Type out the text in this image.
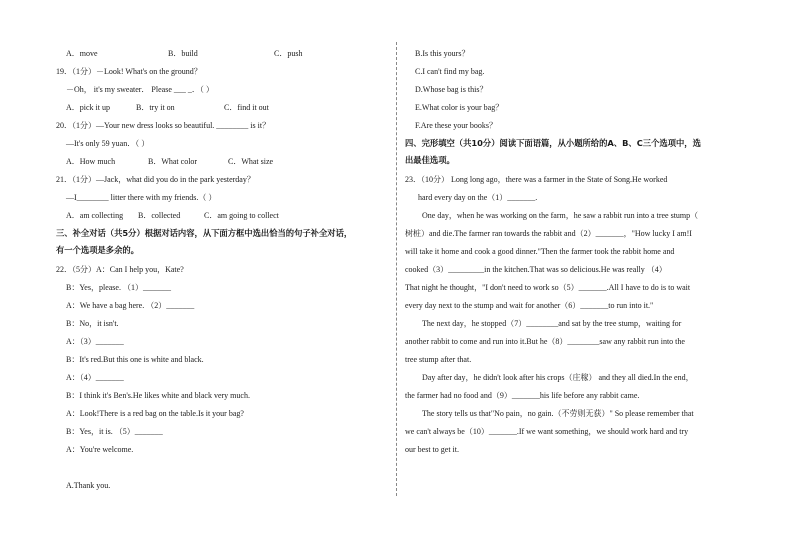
A．move	B．build	C．push
19．（1分）－Look! What's on the ground？
－Oh， it's my sweater． Please ___ _．（ ）
A．pick it up	B．try it on	C．find it out
20．（1分）—Your new dress looks so beautiful. ________ is it？
—It's only 59 yuan．（ ）
A．How much	B．What color	C．What size
21．（1分）—Jack，what did you do in the park yesterday？
—I________ litter there with my friends.（ ）
A．am collecting B．collected	C．am going to collect
三、补全对话（共5分）根据对话内容，从下面方框中选出恰当的句子补全对话，
有一个选项是多余的。
22．（5分）A：Can I help you，Kate?
B：Yes，please. （1）_______
A：We have a bag here. （2）_______
B：No，it isn't.
A：（3）_______
B：It's red.But this one is white and black.
A：（4）_______
B：I think it's Ben's.He likes white and black very much.
A：Look!There is a red bag on the table.Is it your bag?
B：Yes，it is. （5）_______
A：You're welcome.
A.Thank you.
B.Is this yours？
C.I can't find my bag.
D.Whose bag is this？
E.What color is your bag？
F.Are these your books？
四、完形填空（共10分）阅读下面语篇，从小题所给的A、B、C三个选项中，选
出最佳选项。
23．（10分） Long long ago，there was a farmer in the State of Song.He worked
hard every day on the（1）_______.
One day，when he was working on the farm，he saw a rabbit run into a tree stump（
树桩）and die.The farmer ran towards the rabbit and（2）_______，"How lucky I am!I
will take it home and cook a good dinner."Then the farmer took the rabbit home and
cooked（3）_________in the kitchen.That was so delicious.He was really （4）
That night he thought，"I don't need to work so（5）_______.All I have to do is to wait
every day next to the stump and wait for another（6）_______to run into it."
The next day，he stopped（7）________and sat by the tree stump，waiting for
another rabbit to come and run into it.But he（8）________saw any rabbit run into the
tree stump after that.
Day after day，he didn't look after his crops（庄稼） and they all died.In the end，
the farmer had no food and（9）_______his life before any rabbit came.
The story tells us that"No pain，no gain.（不劳则无获）" So please remember that
we can't always be（10）_______.If we want something，we should work hard and try
our best to get it.
